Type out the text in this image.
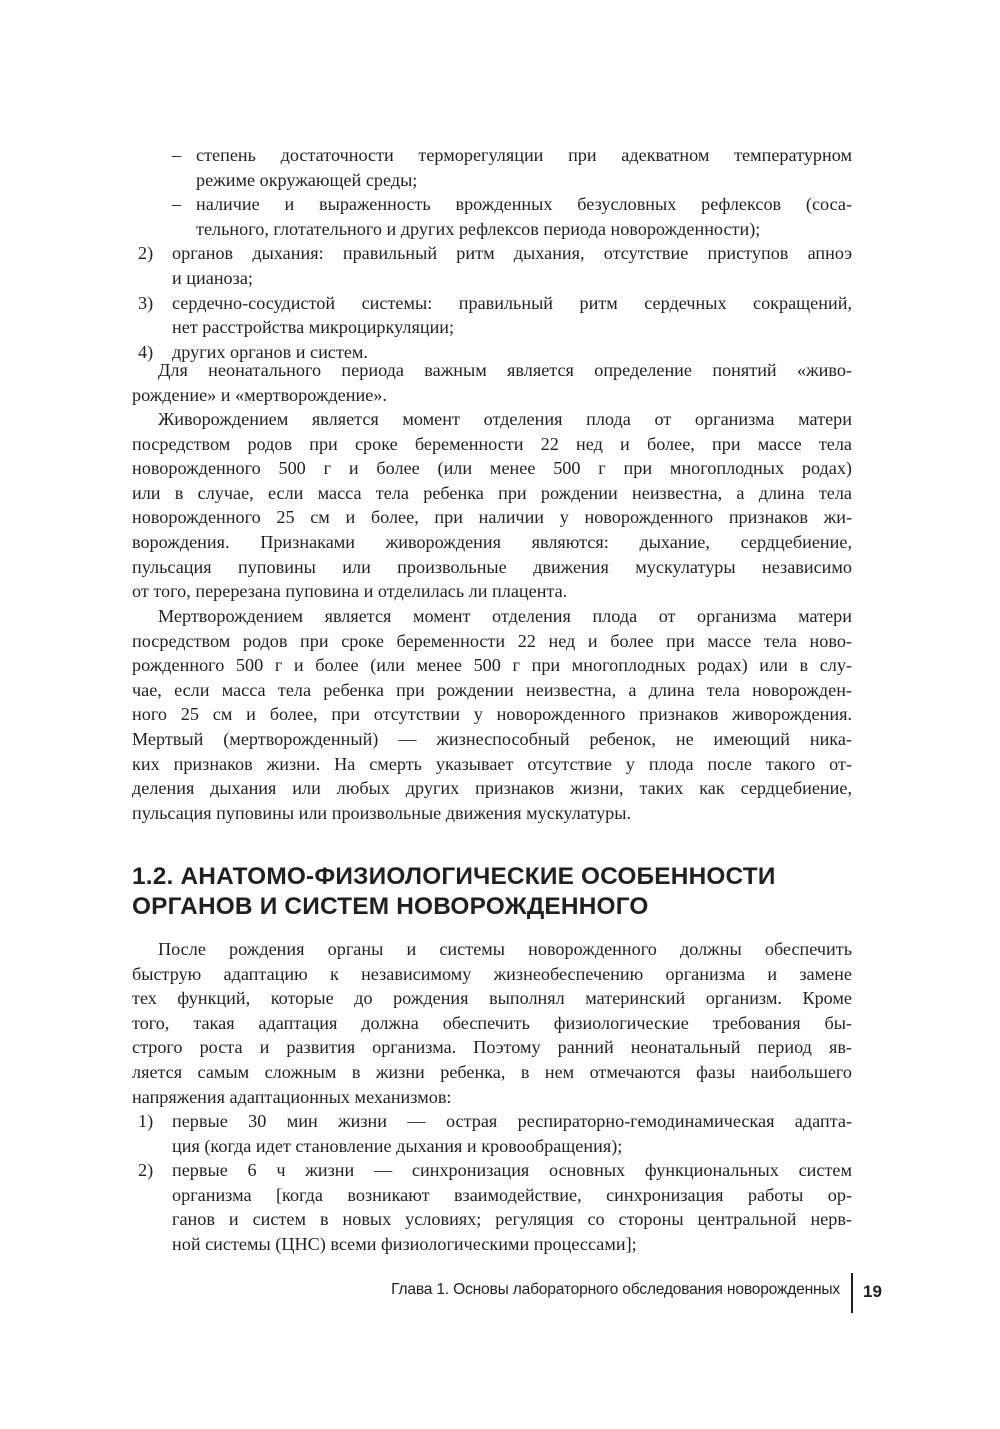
– степень достаточности терморегуляции при адекватном температурном
режиме окружающей среды;
– наличие и выраженность врожденных безусловных рефлексов (соса-
тельного, глотательного и других рефлексов периода новорожденности);
2) органов дыхания: правильный ритм дыхания, отсутствие приступов апноэ
и цианоза;
3) сердечно-сосудистой системы: правильный ритм сердечных сокращений,
нет расстройства микроциркуляции;
4) других органов и систем.
Для неонатального периода важным является определение понятий «живо-
рождение» и «мертворождение».
Живорождением является момент отделения плода от организма матери
посредством родов при сроке беременности 22 нед и более, при массе тела
новорожденного 500 г и более (или менее 500 г при многоплодных родах)
или в случае, если масса тела ребенка при рождении неизвестна, а длина тела
новорожденного 25 см и более, при наличии у новорожденного признаков жи-
ворождения. Признаками живорождения являются: дыхание, сердцебиение,
пульсация пуповины или произвольные движения мускулатуры независимо
от того, перерезана пуповина и отделилась ли плацента.
Мертворождением является момент отделения плода от организма матери
посредством родов при сроке беременности 22 нед и более при массе тела ново-
рожденного 500 г и более (или менее 500 г при многоплодных родах) или в слу-
чае, если масса тела ребенка при рождении неизвестна, а длина тела новорожден-
ного 25 см и более, при отсутствии у новорожденного признаков живорождения.
Мертвый (мертворожденный) — жизнеспособный ребенок, не имеющий ника-
ких признаков жизни. На смерть указывает отсутствие у плода после такого от-
деления дыхания или любых других признаков жизни, таких как сердцебиение,
пульсация пуповины или произвольные движения мускулатуры.
1.2. АНАТОМО-ФИЗИОЛОГИЧЕСКИЕ ОСОБЕННОСТИ
ОРГАНОВ И СИСТЕМ НОВОРОЖДЕННОГО
После рождения органы и системы новорожденного должны обеспечить
быструю адаптацию к независимому жизнеобеспечению организма и замене
тех функций, которые до рождения выполнял материнский организм. Кроме
того, такая адаптация должна обеспечить физиологические требования бы-
строго роста и развития организма. Поэтому ранний неонатальный период яв-
ляется самым сложным в жизни ребенка, в нем отмечаются фазы наибольшего
напряжения адаптационных механизмов:
1) первые 30 мин жизни — острая респираторно-гемодинамическая адапта-
ция (когда идет становление дыхания и кровообращения);
2) первые 6 ч жизни — синхронизация основных функциональных систем
организма [когда возникают взаимодействие, синхронизация работы ор-
ганов и систем в новых условиях; регуляция со стороны центральной нерв-
ной системы (ЦНС) всеми физиологическими процессами];
Глава 1. Основы лабораторного обследования новорожденных 19
